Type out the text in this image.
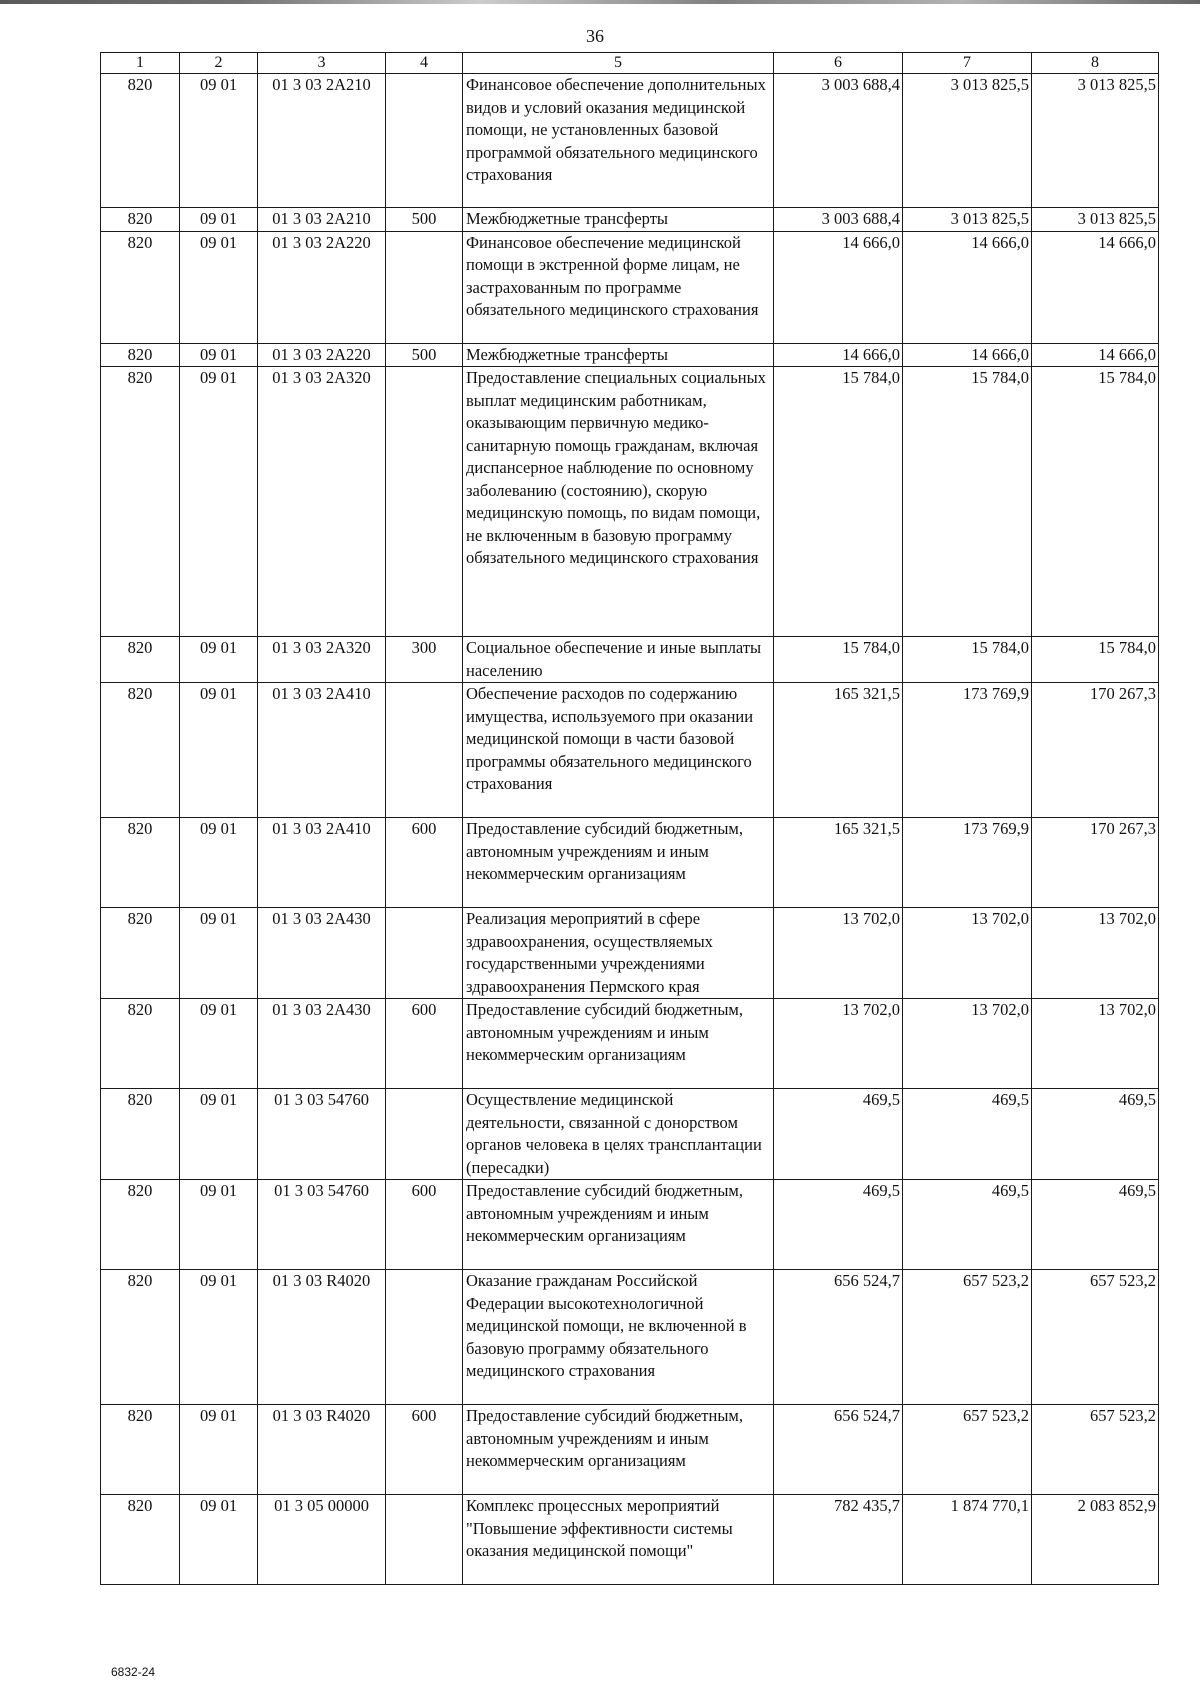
36
1	2	3	4	5	6	7	8
820	09 01	01 3 03 2А210		Финансовое обеспечение дополнительных видов и условий оказания медицинской помощи, не установленных базовой программой обязательного медицинского страхования	3 003 688,4	3 013 825,5	3 013 825,5
820	09 01	01 3 03 2А210	500	Межбюджетные трансферты	3 003 688,4	3 013 825,5	3 013 825,5
820	09 01	01 3 03 2А220		Финансовое обеспечение медицинской помощи в экстренной форме лицам, не застрахованным по программе обязательного медицинского страхования	14 666,0	14 666,0	14 666,0
820	09 01	01 3 03 2А220	500	Межбюджетные трансферты	14 666,0	14 666,0	14 666,0
820	09 01	01 3 03 2А320		Предоставление специальных социальных выплат медицинским работникам, оказывающим первичную медико-санитарную помощь гражданам, включая диспансерное наблюдение по основному заболеванию (состоянию), скорую медицинскую помощь, по видам помощи, не включенным в базовую программу обязательного медицинского страхования	15 784,0	15 784,0	15 784,0
820	09 01	01 3 03 2А320	300	Социальное обеспечение и иные выплаты населению	15 784,0	15 784,0	15 784,0
820	09 01	01 3 03 2А410		Обеспечение расходов по содержанию имущества, используемого при оказании медицинской помощи в части базовой программы обязательного медицинского страхования	165 321,5	173 769,9	170 267,3
820	09 01	01 3 03 2А410	600	Предоставление субсидий бюджетным, автономным учреждениям и иным некоммерческим организациям	165 321,5	173 769,9	170 267,3
820	09 01	01 3 03 2А430		Реализация мероприятий в сфере здравоохранения, осуществляемых государственными учреждениями здравоохранения Пермского края	13 702,0	13 702,0	13 702,0
820	09 01	01 3 03 2А430	600	Предоставление субсидий бюджетным, автономным учреждениям и иным некоммерческим организациям	13 702,0	13 702,0	13 702,0
820	09 01	01 3 03 54760		Осуществление медицинской деятельности, связанной с донорством органов человека в целях трансплантации (пересадки)	469,5	469,5	469,5
820	09 01	01 3 03 54760	600	Предоставление субсидий бюджетным, автономным учреждениям и иным некоммерческим организациям	469,5	469,5	469,5
820	09 01	01 3 03 R4020		Оказание гражданам Российской Федерации высокотехнологичной медицинской помощи, не включенной в базовую программу обязательного медицинского страхования	656 524,7	657 523,2	657 523,2
820	09 01	01 3 03 R4020	600	Предоставление субсидий бюджетным, автономным учреждениям и иным некоммерческим организациям	656 524,7	657 523,2	657 523,2
820	09 01	01 3 05 00000		Комплекс процессных мероприятий "Повышение эффективности системы оказания медицинской помощи"	782 435,7	1 874 770,1	2 083 852,9
6832-24
